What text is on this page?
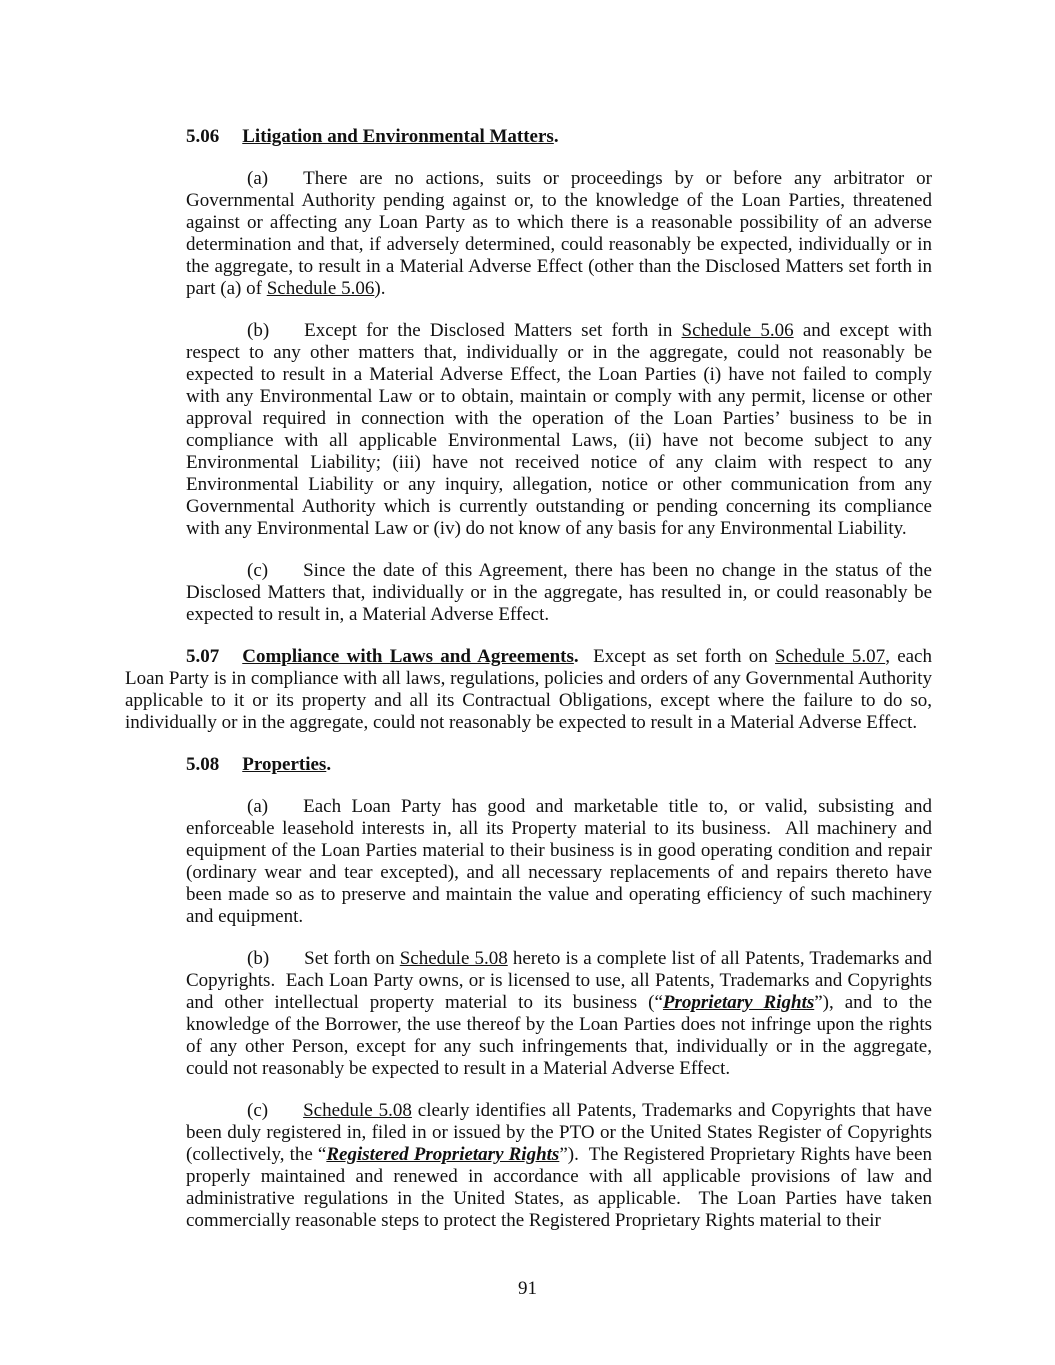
5.06 Litigation and Environmental Matters.

(a) There are no actions, suits or proceedings by or before any arbitrator or Governmental Authority pending against or, to the knowledge of the Loan Parties, threatened against or affecting any Loan Party as to which there is a reasonable possibility of an adverse determination and that, if adversely determined, could reasonably be expected, individually or in the aggregate, to result in a Material Adverse Effect (other than the Disclosed Matters set forth in part (a) of Schedule 5.06).

(b) Except for the Disclosed Matters set forth in Schedule 5.06 and except with respect to any other matters that, individually or in the aggregate, could not reasonably be expected to result in a Material Adverse Effect, the Loan Parties (i) have not failed to comply with any Environmental Law or to obtain, maintain or comply with any permit, license or other approval required in connection with the operation of the Loan Parties’ business to be in compliance with all applicable Environmental Laws, (ii) have not become subject to any Environmental Liability; (iii) have not received notice of any claim with respect to any Environmental Liability or any inquiry, allegation, notice or other communication from any Governmental Authority which is currently outstanding or pending concerning its compliance with any Environmental Law or (iv) do not know of any basis for any Environmental Liability.

(c) Since the date of this Agreement, there has been no change in the status of the Disclosed Matters that, individually or in the aggregate, has resulted in, or could reasonably be expected to result in, a Material Adverse Effect.

5.07 Compliance with Laws and Agreements.  Except as set forth on Schedule 5.07, each Loan Party is in compliance with all laws, regulations, policies and orders of any Governmental Authority applicable to it or its property and all its Contractual Obligations, except where the failure to do so, individually or in the aggregate, could not reasonably be expected to result in a Material Adverse Effect.

5.08 Properties.

(a) Each Loan Party has good and marketable title to, or valid, subsisting and enforceable leasehold interests in, all its Property material to its business.  All machinery and equipment of the Loan Parties material to their business is in good operating condition and repair (ordinary wear and tear excepted), and all necessary replacements of and repairs thereto have been made so as to preserve and maintain the value and operating efficiency of such machinery and equipment.

(b) Set forth on Schedule 5.08 hereto is a complete list of all Patents, Trademarks and Copyrights.  Each Loan Party owns, or is licensed to use, all Patents, Trademarks and Copyrights and other intellectual property material to its business (“Proprietary Rights”), and to the knowledge of the Borrower, the use thereof by the Loan Parties does not infringe upon the rights of any other Person, except for any such infringements that, individually or in the aggregate, could not reasonably be expected to result in a Material Adverse Effect.

(c) Schedule 5.08 clearly identifies all Patents, Trademarks and Copyrights that have been duly registered in, filed in or issued by the PTO or the United States Register of Copyrights (collectively, the “Registered Proprietary Rights”).  The Registered Proprietary Rights have been properly maintained and renewed in accordance with all applicable provisions of law and administrative regulations in the United States, as applicable.  The Loan Parties have taken commercially reasonable steps to protect the Registered Proprietary Rights material to their

91
